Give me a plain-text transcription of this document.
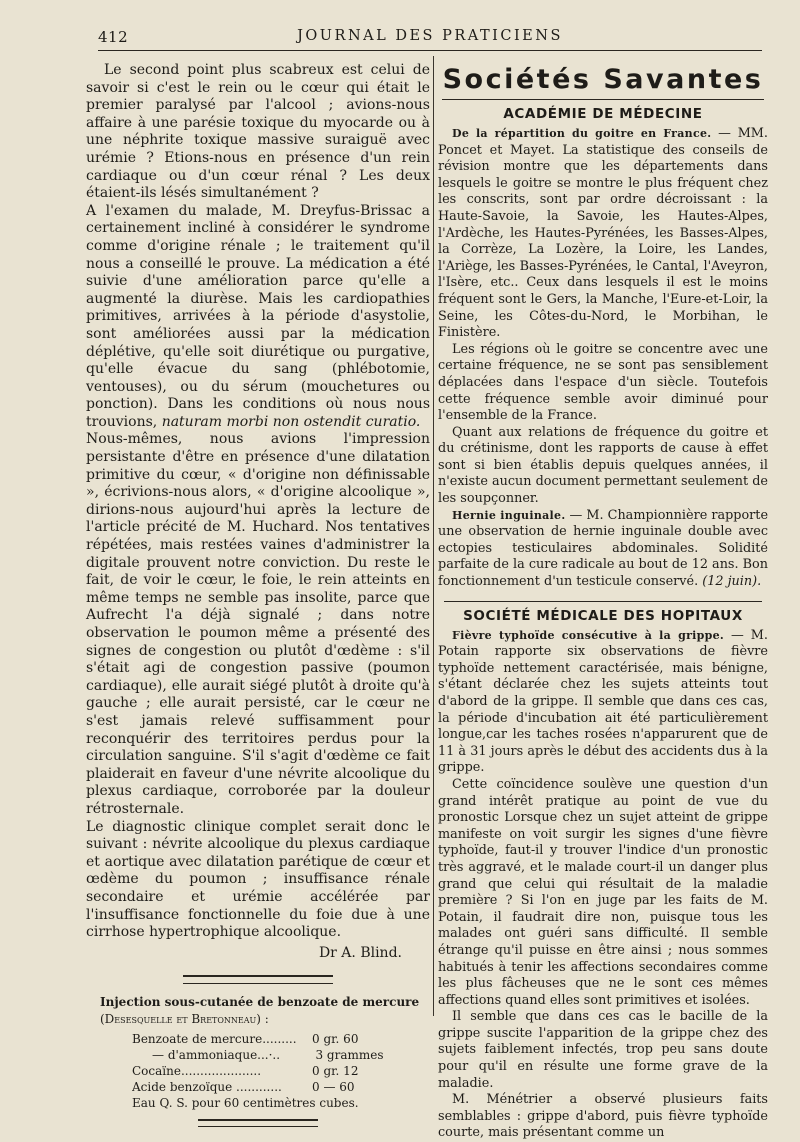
412	JOURNAL DES PRATICIENS

Le second point plus scabreux est celui de savoir si c'est le rein ou le cœur qui était le premier paralysé par l'alcool ; avions-nous affaire à une parésie toxique du myocarde ou à une néphrite toxique massive suraiguë avec urémie ? Etions-nous en présence d'un rein cardiaque ou d'un cœur rénal ? Les deux étaient-ils lésés simultanément ?

A l'examen du malade, M. Dreyfus-Brissac a certainement incliné à considérer le syndrome comme d'origine rénale ; le traitement qu'il nous a conseillé le prouve. La médication a été suivie d'une amélioration parce qu'elle a augmenté la diurèse. Mais les cardiopathies primitives, arrivées à la période d'asystolie, sont améliorées aussi par la médication déplétive, qu'elle soit diurétique ou purgative, qu'elle évacue du sang (phlébotomie, ventouses), ou du sérum (mouchetures ou ponction). Dans les conditions où nous nous trouvions, naturam morbi non ostendit curatio.

Nous-mêmes, nous avions l'impression persistante d'être en présence d'une dilatation primitive du cœur, « d'origine non définissable », écrivions-nous alors, « d'origine alcoolique », dirions-nous aujourd'hui après la lecture de l'article précité de M. Huchard. Nos tentatives répétées, mais restées vaines d'administrer la digitale prouvent notre conviction. Du reste le fait, de voir le cœur, le foie, le rein atteints en même temps ne semble pas insolite, parce que Aufrecht l'a déjà signalé ; dans notre observation le poumon même a présenté des signes de congestion ou plutôt d'œdème : s'il s'était agi de congestion passive (poumon cardiaque), elle aurait siégé plutôt à droite qu'à gauche ; elle aurait persisté, car le cœur ne s'est jamais relevé suffisamment pour reconquérir des territoires perdus pour la circulation sanguine. S'il s'agit d'œdème ce fait plaiderait en faveur d'une névrite alcoolique du plexus cardiaque, corroborée par la douleur rétrosternale.

Le diagnostic clinique complet serait donc le suivant : névrite alcoolique du plexus cardiaque et aortique avec dilatation parétique de cœur et œdème du poumon ; insuffisance rénale secondaire et urémie accélérée par l'insuffisance fonctionnelle du foie due à une cirrhose hypertrophique alcoolique.

Dr A. Blind.
Injection sous-cutanée de benzoate de mercure (Desesquelle et Bretonneau) :
Benzoate de mercure.........	0 gr. 60
— d'ammoniaque...·..	3 grammes
Cocaïne.....................	0 gr. 12
Acide benzoïque ............	0 — 60
Eau Q. S. pour 60 centimètres cubes.
Sociétés Savantes
ACADÉMIE DE MÉDECINE

De la répartition du goitre en France. — MM. Poncet et Mayet. La statistique des conseils de révision montre que les départements dans lesquels le goitre se montre le plus fréquent chez les conscrits, sont par ordre décroissant : la Haute-Savoie, la Savoie, les Hautes-Alpes, l'Ardèche, les Hautes-Pyrénées, les Basses-Alpes, la Corrèze, La Lozère, la Loire, les Landes, l'Ariège, les Basses-Pyrénées, le Cantal, l'Aveyron, l'Isère, etc.. Ceux dans lesquels il est le moins fréquent sont le Gers, la Manche, l'Eure-et-Loir, la Seine, les Côtes-du-Nord, le Morbihan, le Finistère.

Les régions où le goitre se concentre avec une certaine fréquence, ne se sont pas sensiblement déplacées dans l'espace d'un siècle. Toutefois cette fréquence semble avoir diminué pour l'ensemble de la France.

Quant aux relations de fréquence du goitre et du crétinisme, dont les rapports de cause à effet sont si bien établis depuis quelques années, il n'existe aucun document permettant seulement de les soupçonner.

Hernie inguinale. — M. Championnière rapporte une observation de hernie inguinale double avec ectopies testiculaires abdominales. Solidité parfaite de la cure radicale au bout de 12 ans. Bon fonctionnement d'un testicule conservé. (12 juin).

SOCIÉTÉ MÉDICALE DES HOPITAUX

Fièvre typhoïde consécutive à la grippe. — M. Potain rapporte six observations de fièvre typhoïde nettement caractérisée, mais bénigne, s'étant déclarée chez les sujets atteints tout d'abord de la grippe. Il semble que dans ces cas, la période d'incubation ait été particulièrement longue,car les taches rosées n'apparurent que de 11 à 31 jours après le début des accidents dus à la grippe.

Cette coïncidence soulève une question d'un grand intérêt pratique au point de vue du pronostic Lorsque chez un sujet atteint de grippe manifeste on voit surgir les signes d'une fièvre typhoïde, faut-il y trouver l'indice d'un pronostic très aggravé, et le malade court-il un danger plus grand que celui qui résultait de la maladie première ? Si l'on en juge par les faits de M. Potain, il faudrait dire non, puisque tous les malades ont guéri sans difficulté. Il semble étrange qu'il puisse en être ainsi ; nous sommes habitués à tenir les affections secondaires comme les plus fâcheuses que ne le sont ces mêmes affections quand elles sont primitives et isolées.

Il semble que dans ces cas le bacille de la grippe suscite l'apparition de la grippe chez des sujets faiblement infectés, trop peu sans doute pour qu'il en résulte une forme grave de la maladie.

M. Ménétrier a observé plusieurs faits semblables : grippe d'abord, puis fièvre typhoïde courte, mais présentant comme un
